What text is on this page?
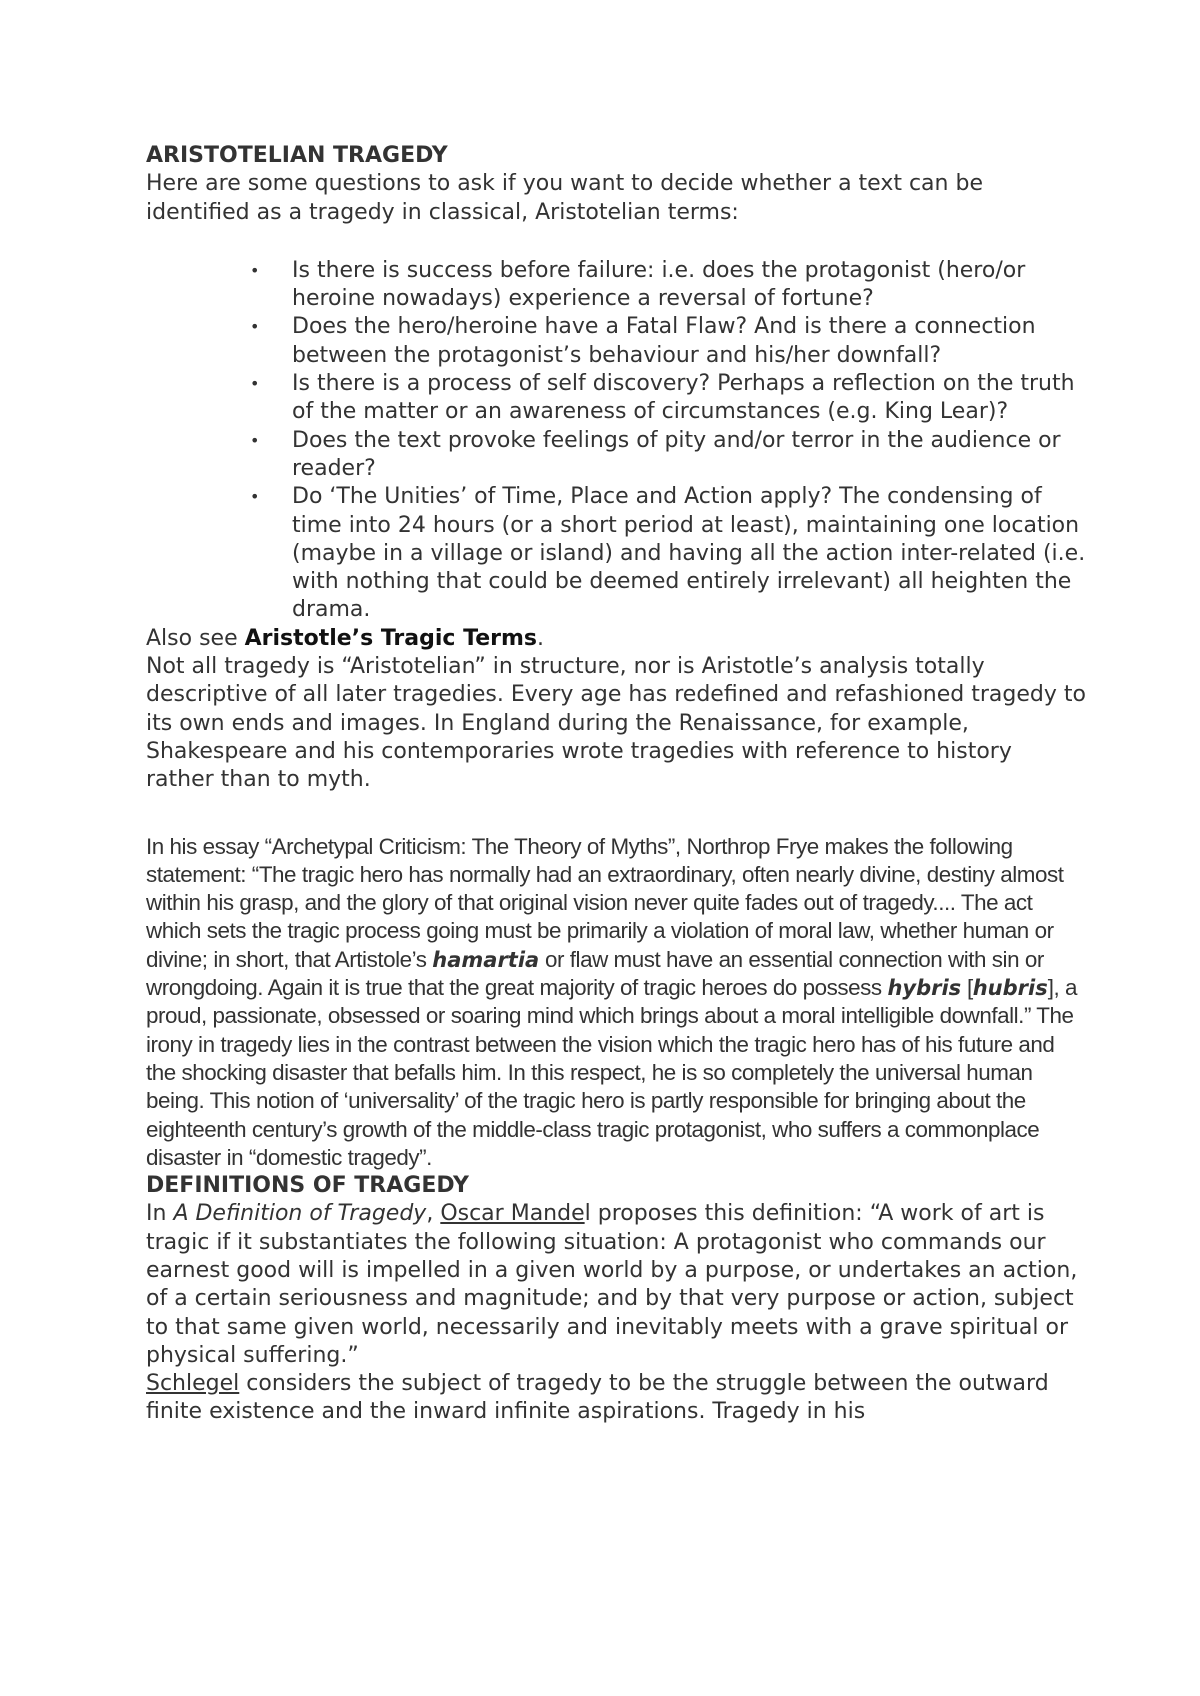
ARISTOTELIAN TRAGEDY

Here are some questions to ask if you want to decide whether a text can be identified as a tragedy in classical, Aristotelian terms:

• Is there is success before failure: i.e. does the protagonist (hero/or heroine nowadays) experience a reversal of fortune?
• Does the hero/heroine have a Fatal Flaw? And is there a connection between the protagonist’s behaviour and his/her downfall?
• Is there is a process of self discovery? Perhaps a reflection on the truth of the matter or an awareness of circumstances (e.g. King Lear)?
• Does the text provoke feelings of pity and/or terror in the audience or reader?
• Do ‘The Unities’ of Time, Place and Action apply? The condensing of time into 24 hours (or a short period at least), maintaining one location (maybe in a village or island) and having all the action inter-related (i.e. with nothing that could be deemed entirely irrelevant) all heighten the drama.

Also see Aristotle’s Tragic Terms.

Not all tragedy is “Aristotelian” in structure, nor is Aristotle’s analysis totally descriptive of all later tragedies. Every age has redefined and refashioned tragedy to its own ends and images. In England during the Renaissance, for example, Shakespeare and his contemporaries wrote tragedies with reference to history rather than to myth.

In his essay “Archetypal Criticism: The Theory of Myths”, Northrop Frye makes the following statement: “The tragic hero has normally had an extraordinary, often nearly divine, destiny almost within his grasp, and the glory of that original vision never quite fades out of tragedy.... The act which sets the tragic process going must be primarily a violation of moral law, whether human or divine; in short, that Artistole’s hamartia or flaw must have an essential connection with sin or wrongdoing. Again it is true that the great majority of tragic heroes do possess hybris [hubris], a proud, passionate, obsessed or soaring mind which brings about a moral intelligible downfall.” The irony in tragedy lies in the contrast between the vision which the tragic hero has of his future and the shocking disaster that befalls him. In this respect, he is so completely the universal human being. This notion of ‘universality’ of the tragic hero is partly responsible for bringing about the eighteenth century’s growth of the middle-class tragic protagonist, who suffers a commonplace disaster in “domestic tragedy”.

DEFINITIONS OF TRAGEDY

In A Definition of Tragedy, Oscar Mandel proposes this definition: “A work of art is tragic if it substantiates the following situation: A protagonist who commands our earnest good will is impelled in a given world by a purpose, or undertakes an action, of a certain seriousness and magnitude; and by that very purpose or action, subject to that same given world, necessarily and inevitably meets with a grave spiritual or physical suffering.”

Schlegel considers the subject of tragedy to be the struggle between the outward finite existence and the inward infinite aspirations. Tragedy in his
